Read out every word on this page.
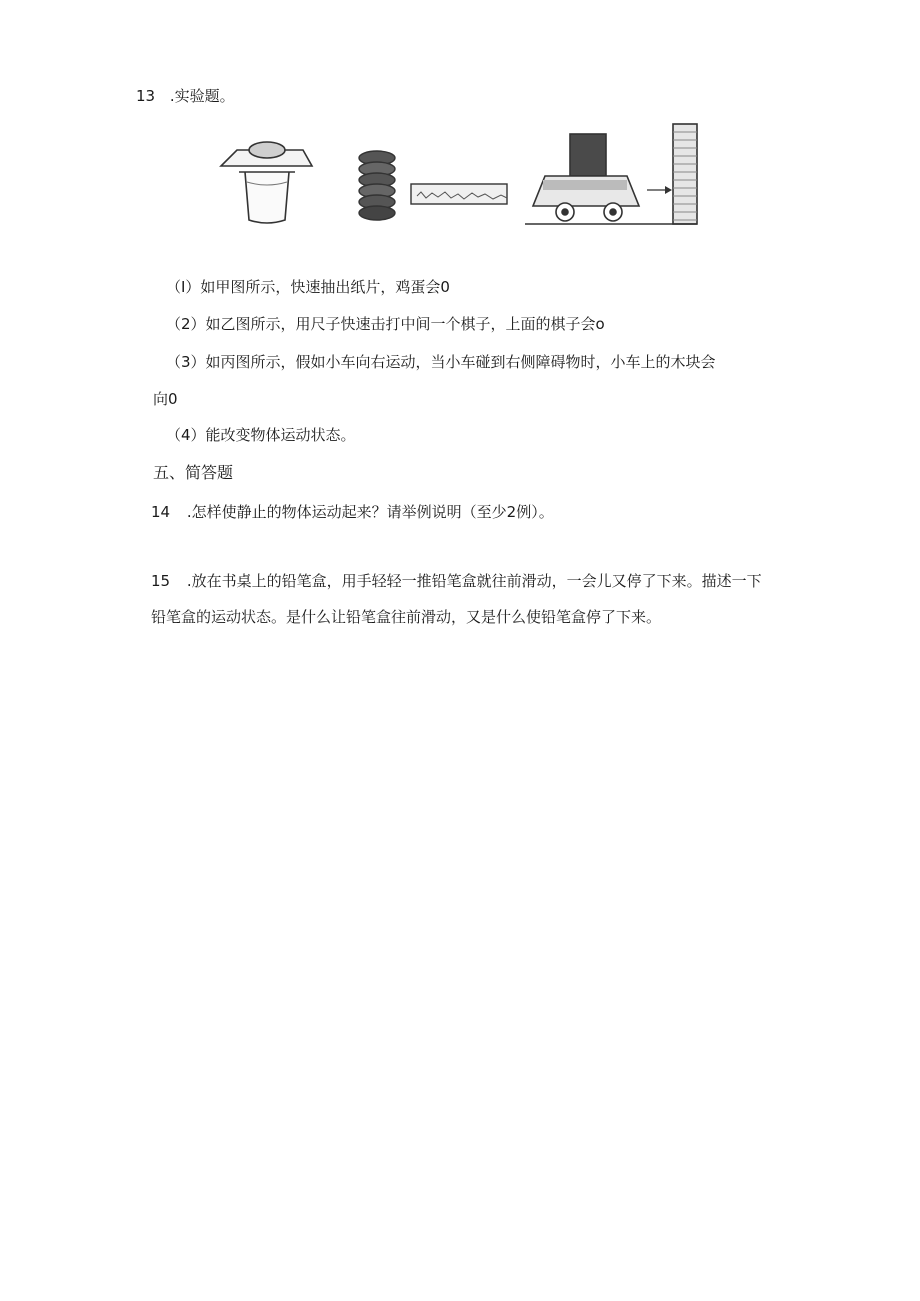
13 .实验题。
（I）如甲图所示，快速抽出纸片，鸡蛋会0
（2）如乙图所示，用尺子快速击打中间一个棋子，上面的棋子会o
（3）如丙图所示，假如小车向右运动，当小车碰到右侧障碍物时，小车上的木块会
向0
（4）能改变物体运动状态。
五、简答题
14 .怎样使静止的物体运动起来？请举例说明（至少2例）。
15 .放在书桌上的铅笔盒，用手轻轻一推铅笔盒就往前滑动，一会儿又停了下来。描述一下
铅笔盒的运动状态。是什么让铅笔盒往前滑动，又是什么使铅笔盒停了下来。
